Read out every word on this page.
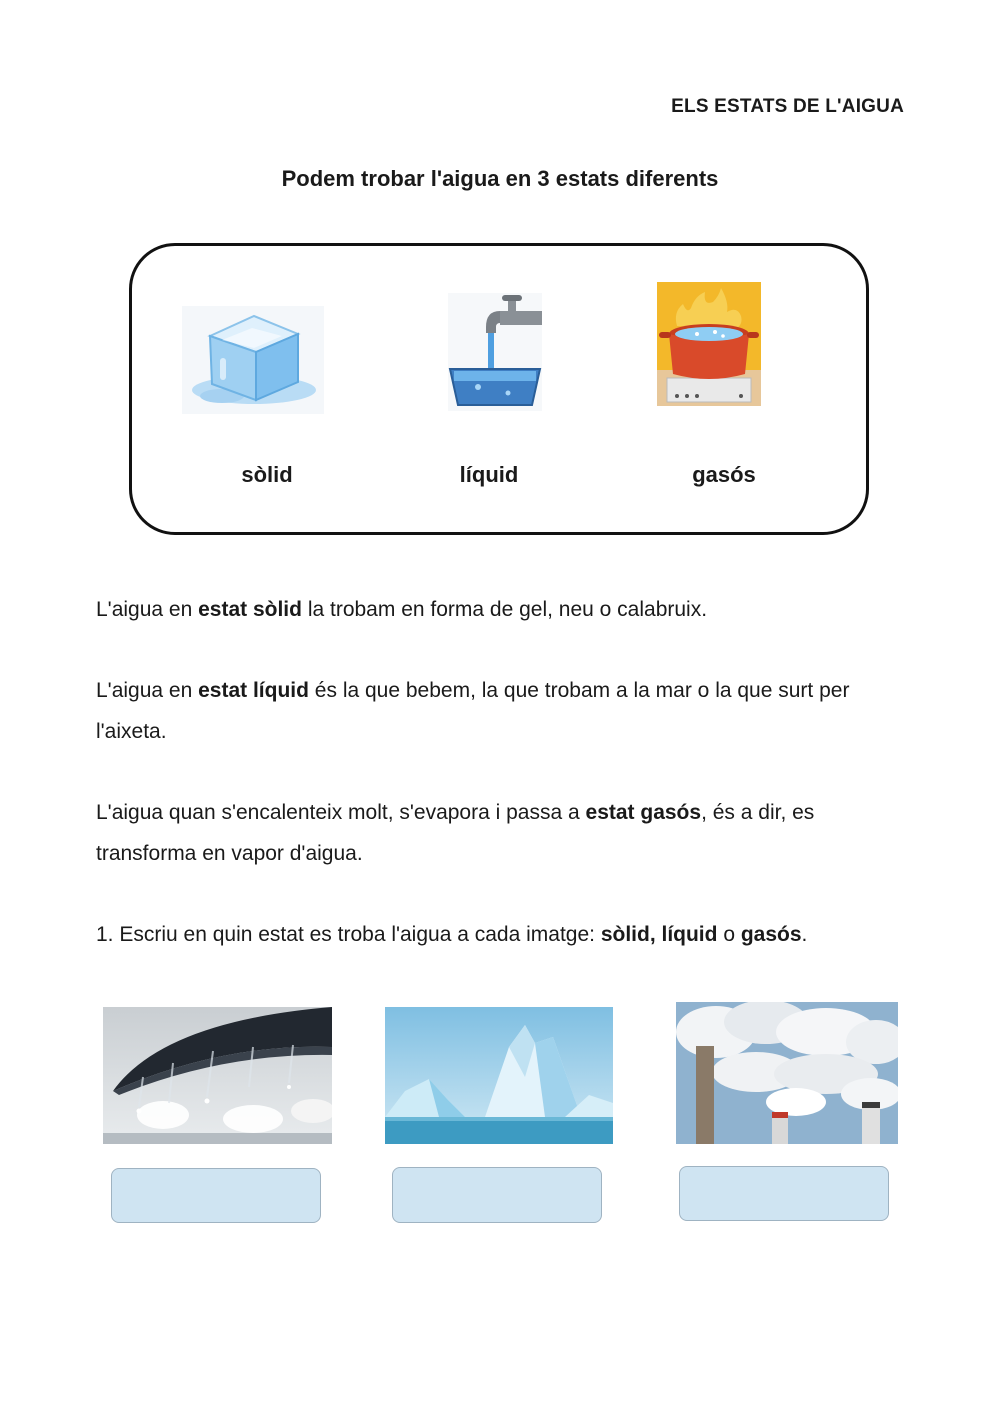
ELS ESTATS DE L'AIGUA
Podem trobar l'aigua en 3 estats diferents
sòlid	líquid	gasós
L'aigua en estat sòlid la trobam en forma de gel, neu o calabruix.
L'aigua en estat líquid és la que bebem, la que trobam a la mar o la que surt per l'aixeta.
L'aigua quan s'encalenteix molt, s'evapora i passa a estat gasós, és a dir, es transforma en vapor d'aigua.
1. Escriu en quin estat es troba l'aigua a cada imatge: sòlid, líquid o gasós.
